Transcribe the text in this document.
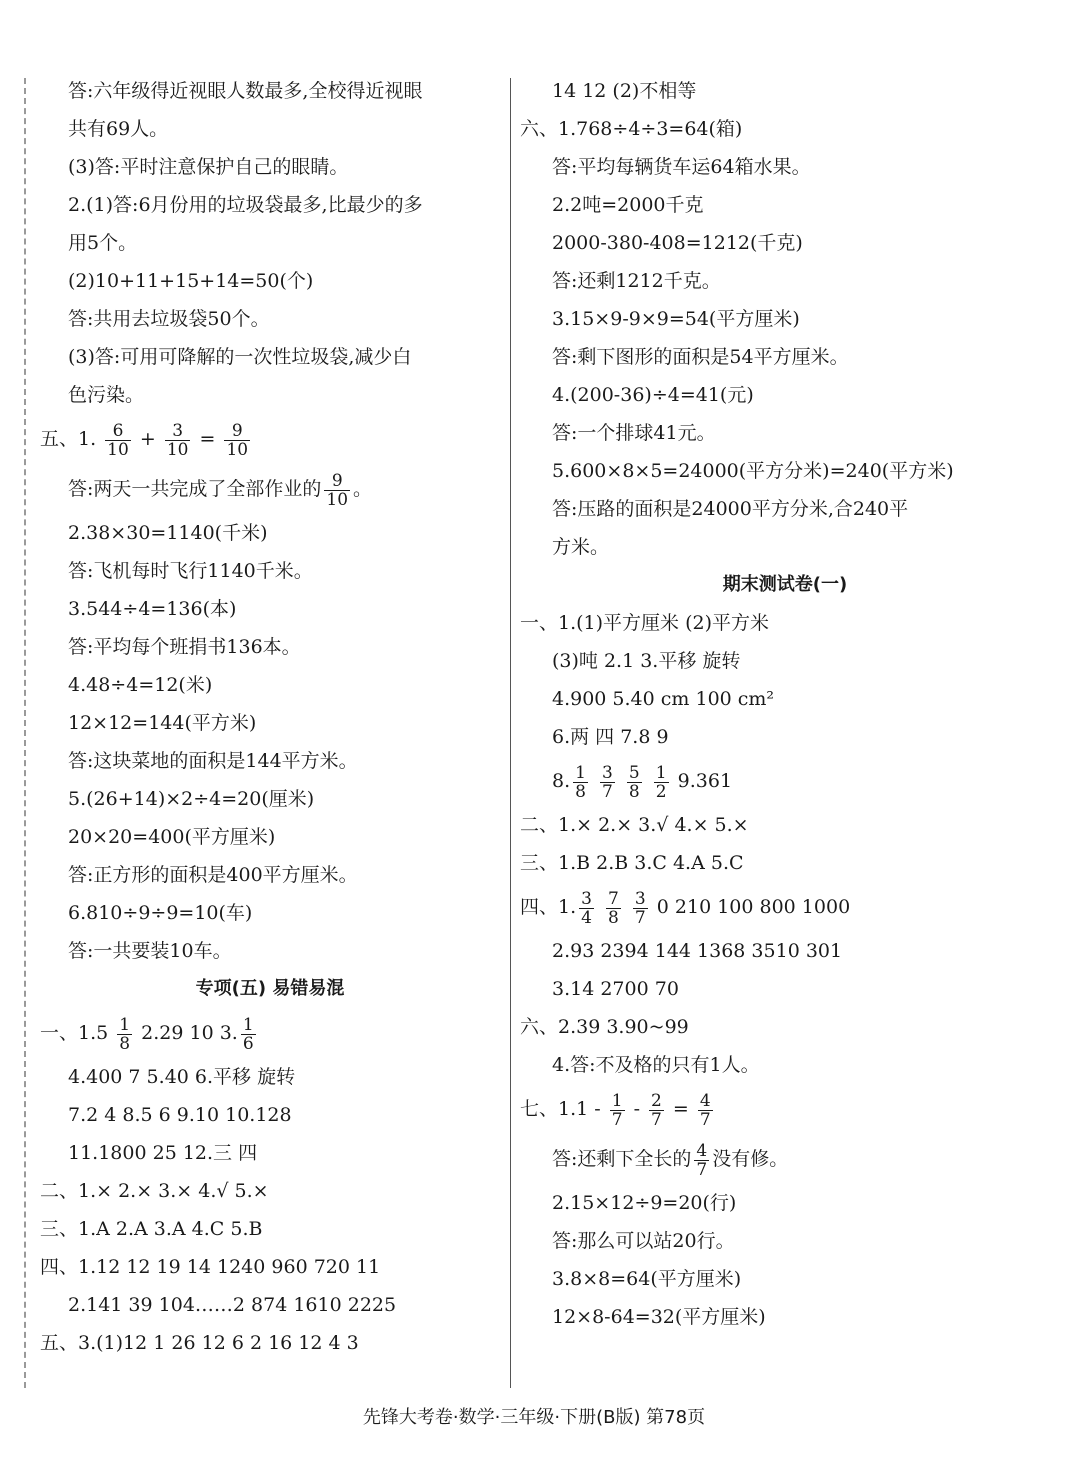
答:六年级得近视眼人数最多,全校得近视眼
共有69人。
(3)答:平时注意保护自己的眼睛。
2.(1)答:6月份用的垃圾袋最多,比最少的多
用5个。
(2)10+11+15+14=50(个)
答:共用去垃圾袋50个。
(3)答:可用可降解的一次性垃圾袋,减少白
色污染。
五、1. $\frac{6}{10} + \frac{3}{10} = \frac{9}{10}$
答:两天一共完成了全部作业的 $\frac{9}{10}$ 。
2.38×30=1140(千米)
答:飞机每时飞行1140千米。
3.544÷4=136(本)
答:平均每个班捐书136本。
4.48÷4=12(米)
12×12=144(平方米)
答:这块菜地的面积是144平方米。
5.(26+14)×2÷4=20(厘米)
20×20=400(平方厘米)
答:正方形的面积是400平方厘米。
6.810÷9÷9=10(车)
答:一共要装10车。
专项(五) 易错易混
一、$1.5 \frac{1}{8} 2.29$ 10 3. $\frac{1}{6}$
4.400 7 5.40 6.平移 旋转
7.2 4 8.5 6 9.10 10.128
11.1800 25 12.三 四
二、1.× 2.× 3.× 4.√ 5.×
三、1.A 2.A 3.A 4.C 5.B
四、1.12 12 19 14 1240 960 720 11
2.141 39 104……2 874 1610 2225
五、3.(1)12 1 26 12 6 2 16 12 4 3
14 12 (2)不相等
六、1.768÷4÷3=64(箱)
答:平均每辆货车运64箱水果。
2.2吨=2000千克
2000-380-408=1212(千克)
答:还剩1212千克。
3.15×9-9×9=54(平方厘米)
答:剩下图形的面积是54平方厘米。
4.(200-36)÷4=41(元)
答:一个排球41元。
5.600×8×5=24000(平方分米)=240(平方米)
答:压路的面积是24000平方分米,合240平
方米。
期末测试卷(一)
一、1.(1)平方厘米 (2)平方米
(3)吨 2.1 3.平移 旋转
4.900 5.40 cm 100 cm²
6.两 四 7.8 9
8. $\frac{1}{8}$
$\frac{3}{7}$
$\frac{5}{8}$
$\frac{1}{2} 9.361$
二、1.× 2.× 3.√ 4.× 5.×
三、1.B 2.B 3.C 4.A 5.C
四、1. $\frac{3}{4}$
$\frac{7}{8}$
$\frac{3}{7} 0$ 210 100 800 1000
2.93 2394 144 1368 3510 301
3.14 2700 70
六、2.39 3.90~99
4.答:不及格的只有1人。
七、$1.1 - \frac{1}{7} - \frac{2}{7} = \frac{4}{7}$
答:还剩下全长的 $\frac{4}{7}$ 没有修。
2.15×12÷9=20(行)
答:那么可以站20行。
3.8×8=64(平方厘米)
12×8-64=32(平方厘米)
先锋大考卷·数学·三年级·下册(B版) 第78页
